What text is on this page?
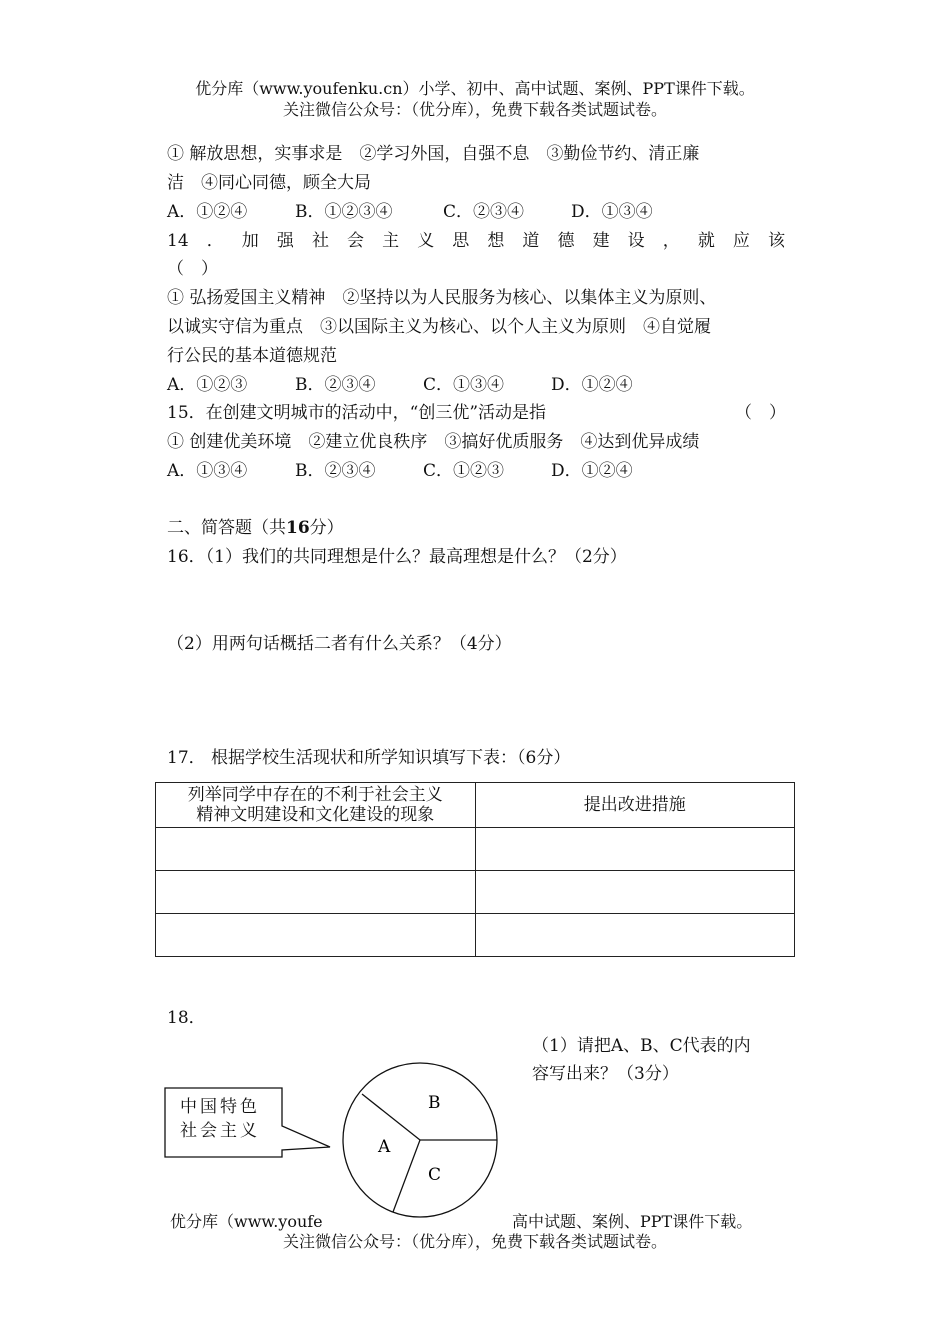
优分库（www.youfenku.cn）小学、初中、高中试题、案例、PPT课件下载。
关注微信公众号：（优分库），免费下载各类试题试卷。
① 解放思想，实事求是　②学习外国，自强不息　③勤俭节约、清正廉
洁　④同心同德，顾全大局
A．①②④	B．①②③④	C．②③④	D．①③④
14．加强社会主义思想道德建设，就应该
（　）
① 弘扬爱国主义精神　②坚持以为人民服务为核心、以集体主义为原则、
以诚实守信为重点　③以国际主义为核心、以个人主义为原则　④自觉履
行公民的基本道德规范
A．①②③	B．②③④	C．①③④	D．①②④
15．在创建文明城市的活动中，“创三优”活动是指	（　）
① 创建优美环境　②建立优良秩序　③搞好优质服务　④达到优异成绩
A．①③④	B．②③④	C．①②③	D．①②④
二、简答题（共16分）
16．（1）我们的共同理想是什么？最高理想是什么？（2分）
（2）用两句话概括二者有什么关系？（4分）
17． 根据学校生活现状和所学知识填写下表：（6分）
列举同学中存在的不利于社会主义
精神文明建设和文化建设的现象	提出改进措施

18．
（1）请把A、B、C代表的内
容写出来？（3分）
A
B
C
中国特色
社会主义
优分库（www.youfe	高中试题、案例、PPT课件下载。
关注微信公众号：（优分库），免费下载各类试题试卷。
